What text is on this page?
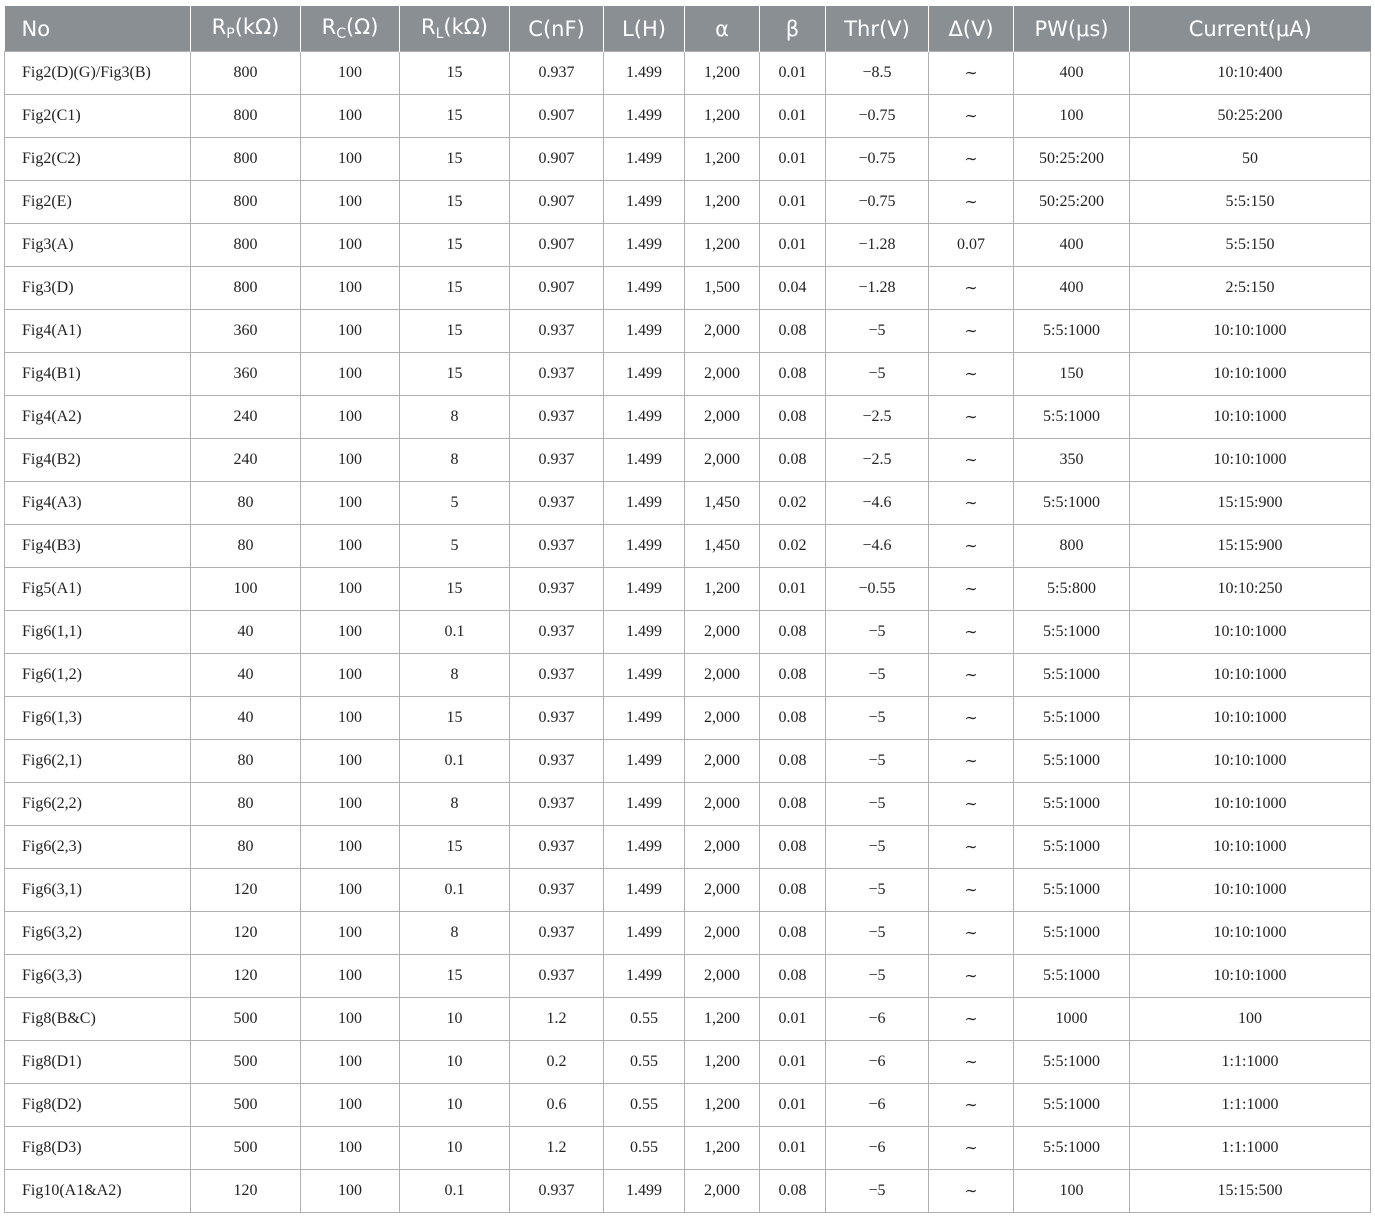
No	$R_P(k\Omega)$	$R_C(\Omega)$	$R_L(k\Omega)$	C(nF)	L(H)	α	β	Thr(V)	Δ(V)	PW(μs)	Current(μA)
Fig2(D)(G)/Fig3(B)	800	100	15	0.937	1.499	1,200	0.01	−8.5	∼	400	10:10:400
Fig2(C1)	800	100	15	0.907	1.499	1,200	0.01	−0.75	∼	100	50:25:200
Fig2(C2)	800	100	15	0.907	1.499	1,200	0.01	−0.75	∼	50:25:200	50
Fig2(E)	800	100	15	0.907	1.499	1,200	0.01	−0.75	∼	50:25:200	5:5:150
Fig3(A)	800	100	15	0.907	1.499	1,200	0.01	−1.28	0.07	400	5:5:150
Fig3(D)	800	100	15	0.907	1.499	1,500	0.04	−1.28	∼	400	2:5:150
Fig4(A1)	360	100	15	0.937	1.499	2,000	0.08	−5	∼	5:5:1000	10:10:1000
Fig4(B1)	360	100	15	0.937	1.499	2,000	0.08	−5	∼	150	10:10:1000
Fig4(A2)	240	100	8	0.937	1.499	2,000	0.08	−2.5	∼	5:5:1000	10:10:1000
Fig4(B2)	240	100	8	0.937	1.499	2,000	0.08	−2.5	∼	350	10:10:1000
Fig4(A3)	80	100	5	0.937	1.499	1,450	0.02	−4.6	∼	5:5:1000	15:15:900
Fig4(B3)	80	100	5	0.937	1.499	1,450	0.02	−4.6	∼	800	15:15:900
Fig5(A1)	100	100	15	0.937	1.499	1,200	0.01	−0.55	∼	5:5:800	10:10:250
Fig6(1,1)	40	100	0.1	0.937	1.499	2,000	0.08	−5	∼	5:5:1000	10:10:1000
Fig6(1,2)	40	100	8	0.937	1.499	2,000	0.08	−5	∼	5:5:1000	10:10:1000
Fig6(1,3)	40	100	15	0.937	1.499	2,000	0.08	−5	∼	5:5:1000	10:10:1000
Fig6(2,1)	80	100	0.1	0.937	1.499	2,000	0.08	−5	∼	5:5:1000	10:10:1000
Fig6(2,2)	80	100	8	0.937	1.499	2,000	0.08	−5	∼	5:5:1000	10:10:1000
Fig6(2,3)	80	100	15	0.937	1.499	2,000	0.08	−5	∼	5:5:1000	10:10:1000
Fig6(3,1)	120	100	0.1	0.937	1.499	2,000	0.08	−5	∼	5:5:1000	10:10:1000
Fig6(3,2)	120	100	8	0.937	1.499	2,000	0.08	−5	∼	5:5:1000	10:10:1000
Fig6(3,3)	120	100	15	0.937	1.499	2,000	0.08	−5	∼	5:5:1000	10:10:1000
Fig8(B&C)	500	100	10	1.2	0.55	1,200	0.01	−6	∼	1000	100
Fig8(D1)	500	100	10	0.2	0.55	1,200	0.01	−6	∼	5:5:1000	1:1:1000
Fig8(D2)	500	100	10	0.6	0.55	1,200	0.01	−6	∼	5:5:1000	1:1:1000
Fig8(D3)	500	100	10	1.2	0.55	1,200	0.01	−6	∼	5:5:1000	1:1:1000
Fig10(A1&A2)	120	100	0.1	0.937	1.499	2,000	0.08	−5	∼	100	15:15:500
